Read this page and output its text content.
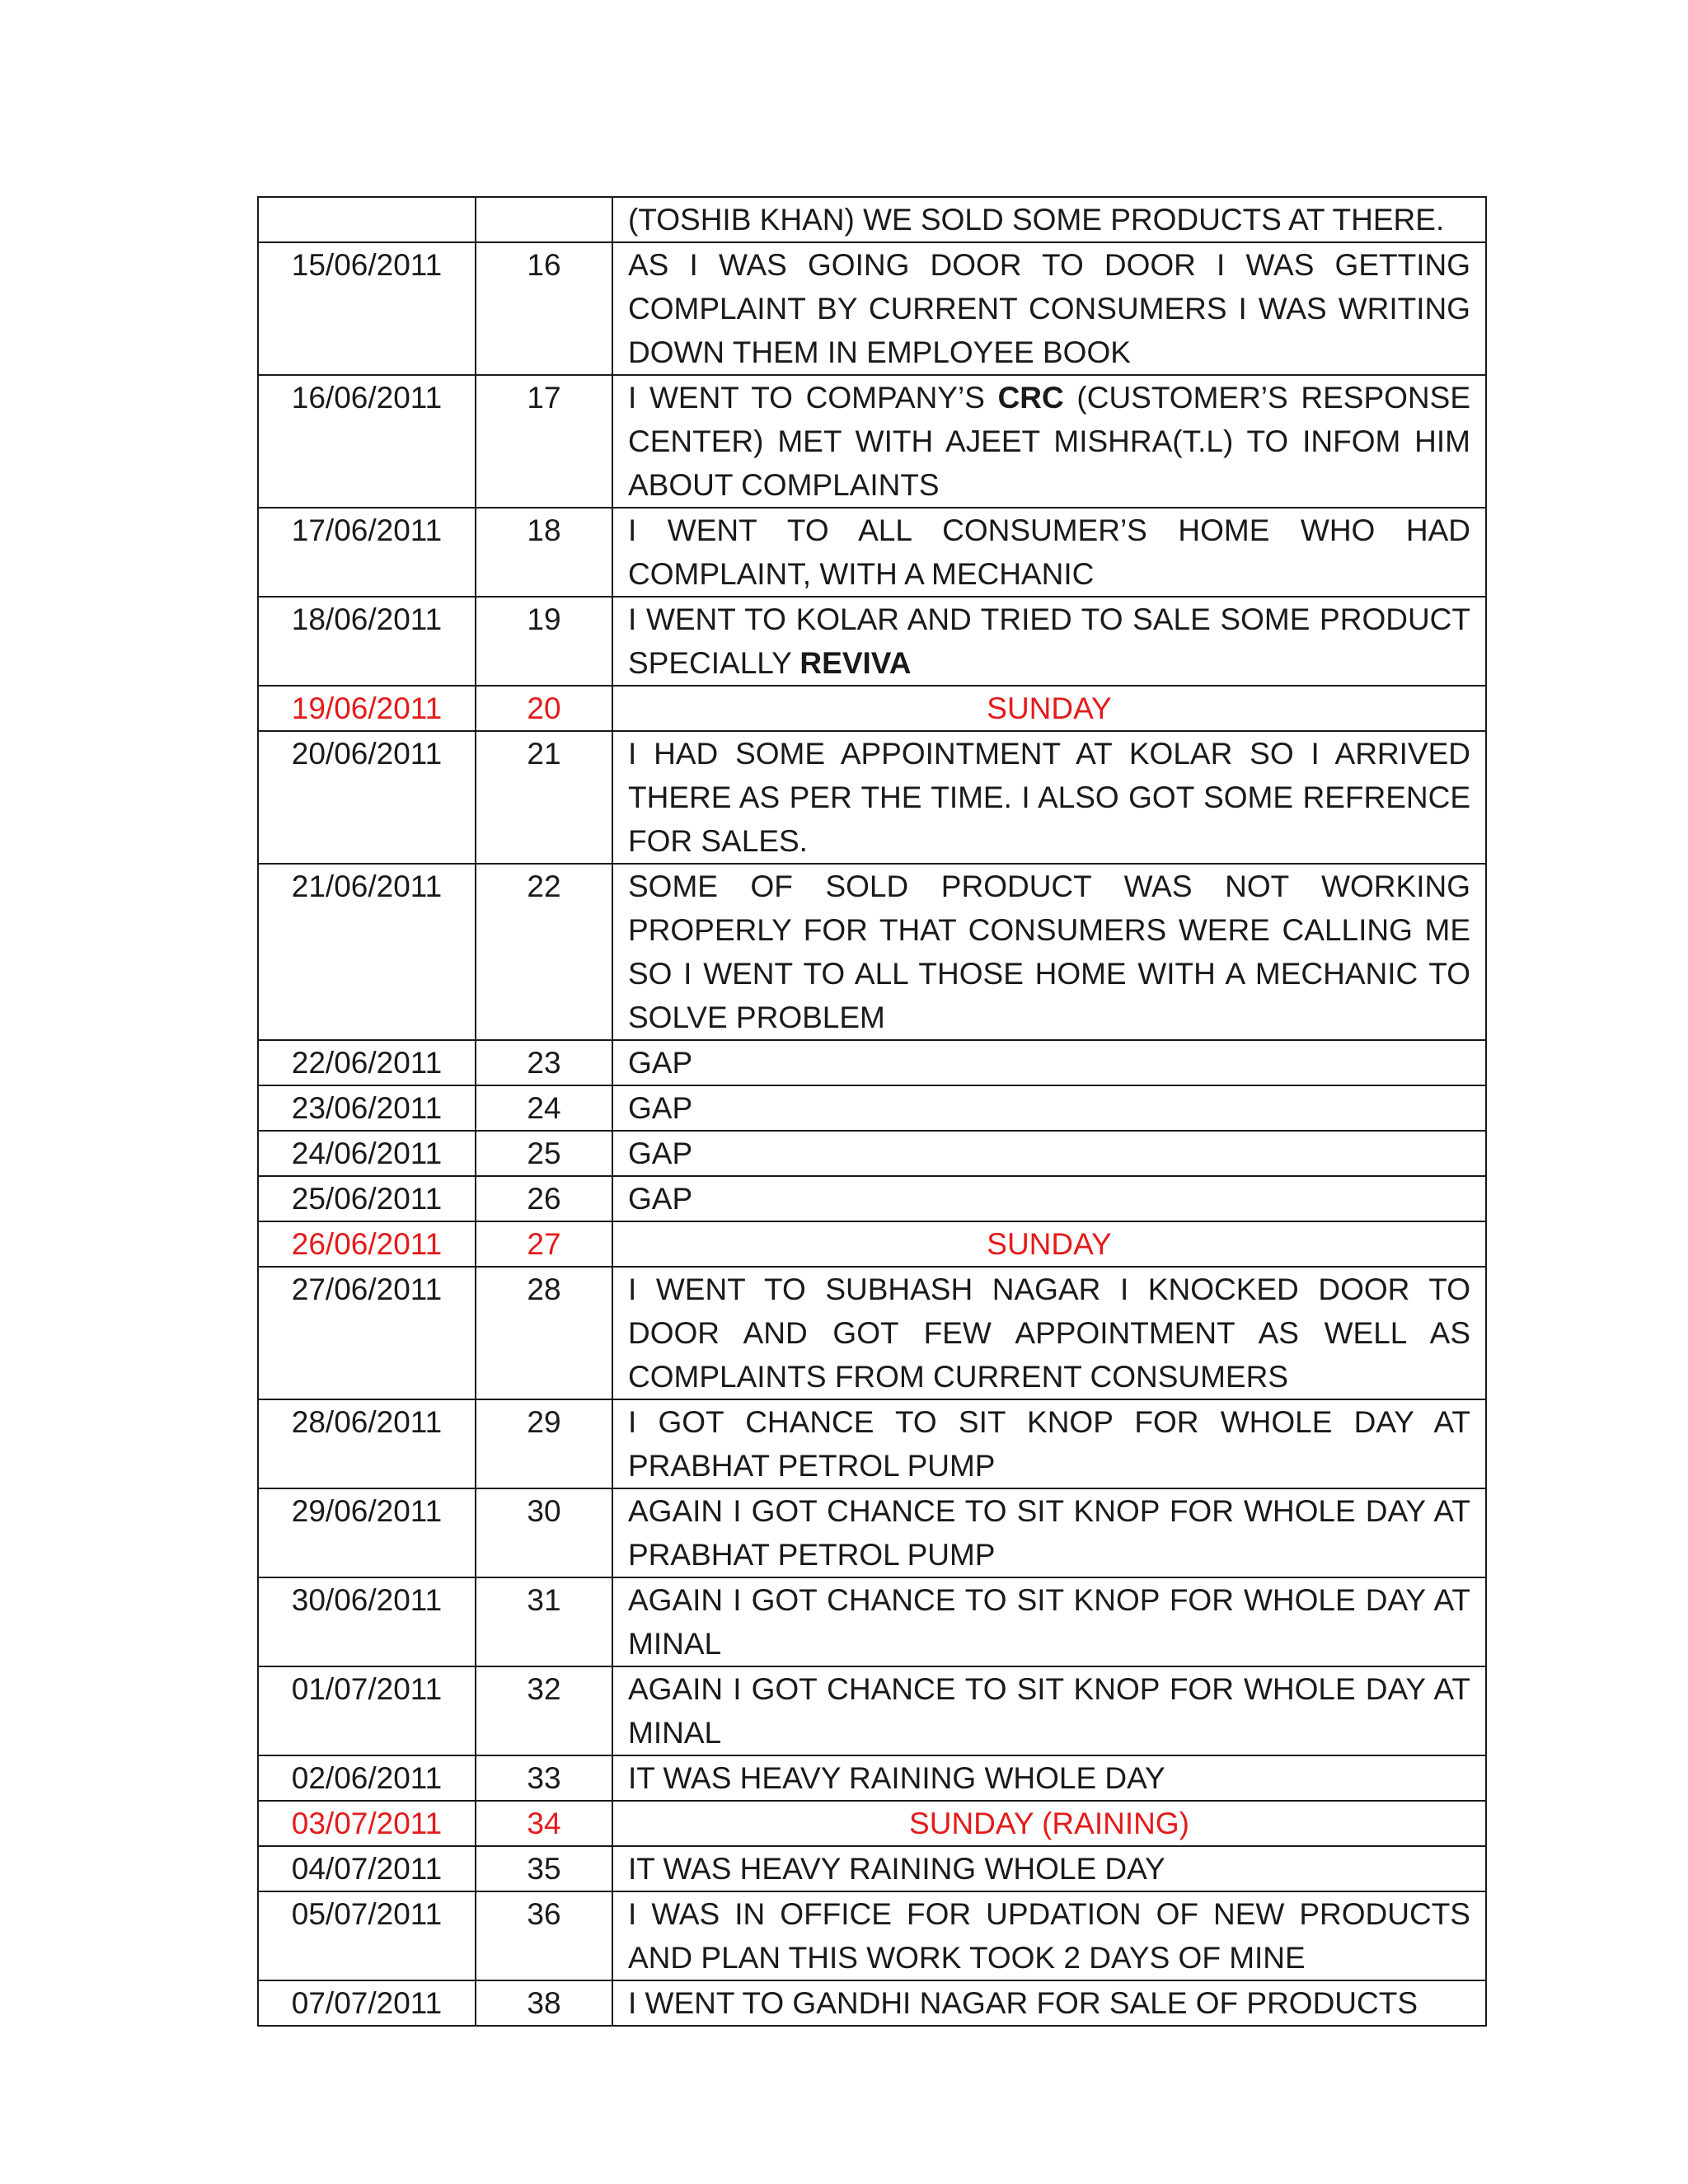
		(TOSHIB KHAN) WE SOLD SOME PRODUCTS AT THERE.
15/06/2011	16	AS I WAS GOING DOOR TO DOOR I WAS GETTING COMPLAINT BY CURRENT CONSUMERS I WAS WRITING DOWN THEM IN EMPLOYEE BOOK
16/06/2011	17	I WENT TO COMPANY’S CRC (CUSTOMER’S RESPONSE CENTER) MET WITH AJEET MISHRA(T.L) TO INFOM HIM ABOUT COMPLAINTS
17/06/2011	18	I WENT TO ALL CONSUMER’S HOME WHO HAD COMPLAINT, WITH A MECHANIC
18/06/2011	19	I WENT TO KOLAR AND TRIED TO SALE SOME PRODUCT SPECIALLY REVIVA
19/06/2011	20	SUNDAY
20/06/2011	21	I HAD SOME APPOINTMENT AT KOLAR SO I ARRIVED THERE AS PER THE TIME. I ALSO GOT SOME REFRENCE FOR SALES.
21/06/2011	22	SOME OF SOLD PRODUCT WAS NOT WORKING PROPERLY FOR THAT CONSUMERS WERE CALLING ME SO I WENT TO ALL THOSE HOME WITH A MECHANIC TO SOLVE PROBLEM
22/06/2011	23	GAP
23/06/2011	24	GAP
24/06/2011	25	GAP
25/06/2011	26	GAP
26/06/2011	27	SUNDAY
27/06/2011	28	I WENT TO SUBHASH NAGAR I KNOCKED DOOR TO DOOR AND GOT FEW APPOINTMENT AS WELL AS COMPLAINTS FROM CURRENT CONSUMERS
28/06/2011	29	I GOT CHANCE TO SIT KNOP FOR WHOLE DAY AT PRABHAT PETROL PUMP
29/06/2011	30	AGAIN I GOT CHANCE TO SIT KNOP FOR WHOLE DAY AT PRABHAT PETROL PUMP
30/06/2011	31	AGAIN I GOT CHANCE TO SIT KNOP FOR WHOLE DAY AT MINAL
01/07/2011	32	AGAIN I GOT CHANCE TO SIT KNOP FOR WHOLE DAY AT MINAL
02/06/2011	33	IT WAS HEAVY RAINING WHOLE DAY
03/07/2011	34	SUNDAY (RAINING)
04/07/2011	35	IT WAS HEAVY RAINING WHOLE DAY
05/07/2011	36	I WAS IN OFFICE FOR UPDATION OF NEW PRODUCTS AND PLAN THIS WORK TOOK 2 DAYS OF MINE
07/07/2011	38	I WENT TO GANDHI NAGAR FOR SALE OF PRODUCTS
